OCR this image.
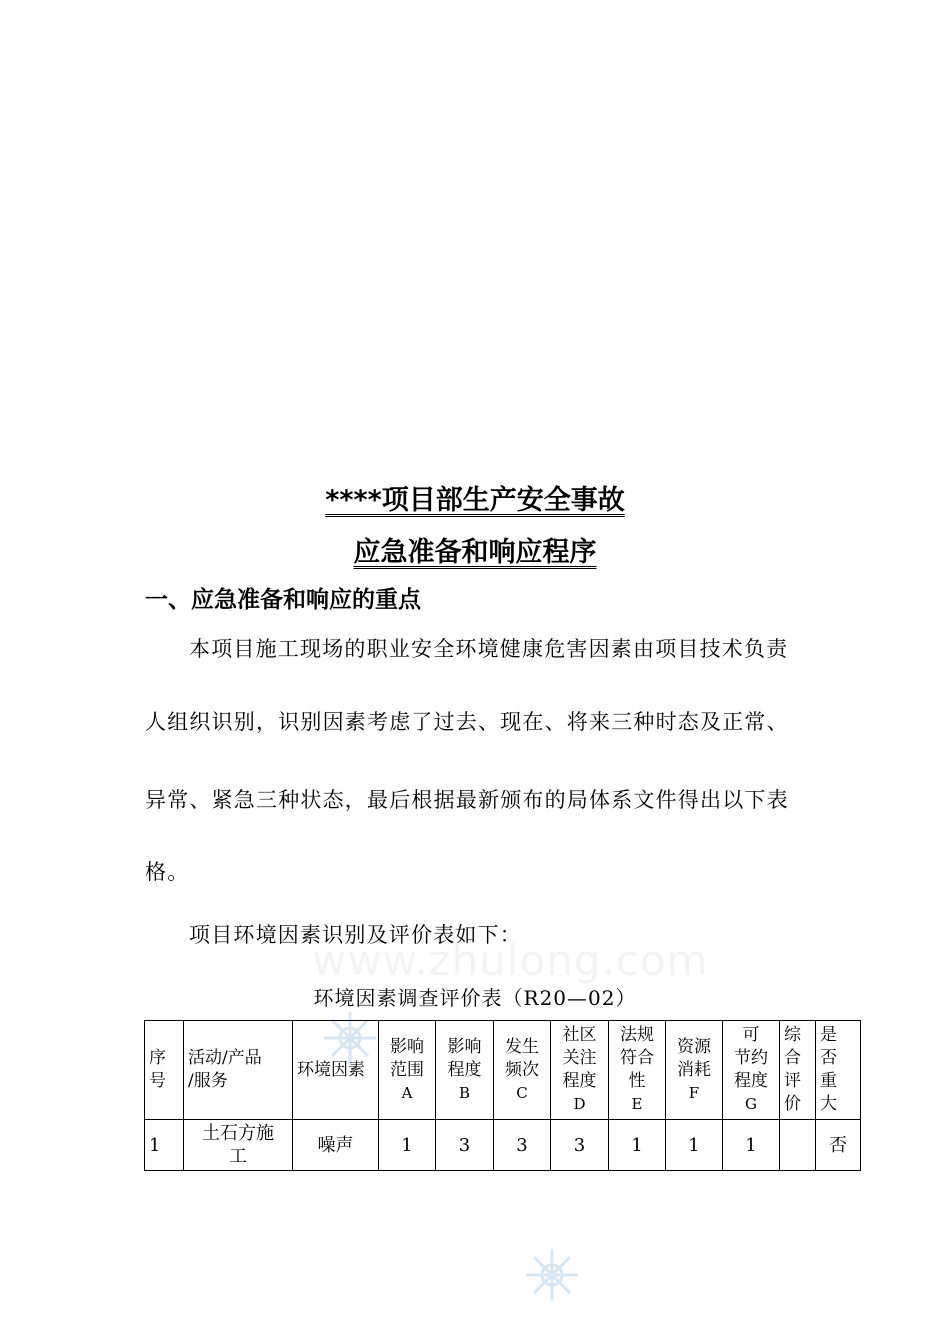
****项目部生产安全事故
应急准备和响应程序
一、应急准备和响应的重点
本项目施工现场的职业安全环境健康危害因素由项目技术负责
人组织识别，识别因素考虑了过去、现在、将来三种时态及正常、
异常、紧急三种状态，最后根据最新颁布的局体系文件得出以下表
格。
项目环境因素识别及评价表如下：
www.zhulong.com
环境因素调查评价表（R20—02）
序
号	活动/产品
/服务	环境因素	影响
范围
A	影响
程度
B	发生
频次
C	社区
关注
程度
D	法规
符合
性
E	资源
消耗
F	可
节约
程度
G	综
合
评
价	是
否
重
大
1	土石方施
工	噪声	1	3	3	3	1	1	1		否
